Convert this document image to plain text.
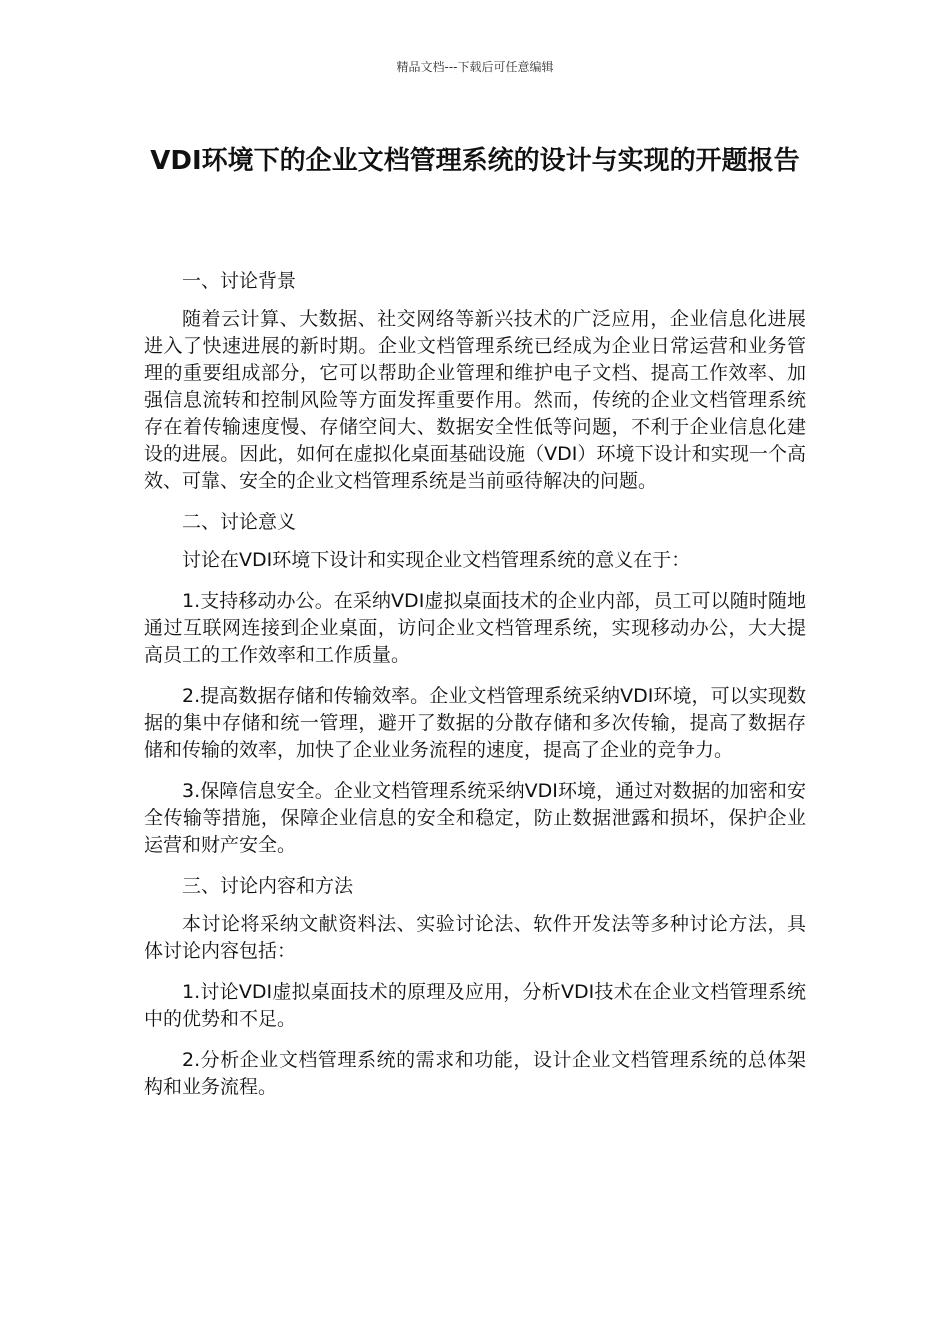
精品文档---下载后可任意编辑
VDI环境下的企业文档管理系统的设计与实现的开题报告

一、讨论背景

随着云计算、大数据、社交网络等新兴技术的广泛应用，企业信息化进展进入了快速进展的新时期。企业文档管理系统已经成为企业日常运营和业务管理的重要组成部分，它可以帮助企业管理和维护电子文档、提高工作效率、加强信息流转和控制风险等方面发挥重要作用。然而，传统的企业文档管理系统存在着传输速度慢、存储空间大、数据安全性低等问题，不利于企业信息化建设的进展。因此，如何在虚拟化桌面基础设施（VDI）环境下设计和实现一个高效、可靠、安全的企业文档管理系统是当前亟待解决的问题。

二、讨论意义

讨论在VDI环境下设计和实现企业文档管理系统的意义在于：

1.支持移动办公。在采纳VDI虚拟桌面技术的企业内部，员工可以随时随地通过互联网连接到企业桌面，访问企业文档管理系统，实现移动办公，大大提高员工的工作效率和工作质量。

2.提高数据存储和传输效率。企业文档管理系统采纳VDI环境，可以实现数据的集中存储和统一管理，避开了数据的分散存储和多次传输，提高了数据存储和传输的效率，加快了企业业务流程的速度，提高了企业的竞争力。

3.保障信息安全。企业文档管理系统采纳VDI环境，通过对数据的加密和安全传输等措施，保障企业信息的安全和稳定，防止数据泄露和损坏，保护企业运营和财产安全。

三、讨论内容和方法

本讨论将采纳文献资料法、实验讨论法、软件开发法等多种讨论方法，具体讨论内容包括：

1.讨论VDI虚拟桌面技术的原理及应用，分析VDI技术在企业文档管理系统中的优势和不足。

2.分析企业文档管理系统的需求和功能，设计企业文档管理系统的总体架构和业务流程。
